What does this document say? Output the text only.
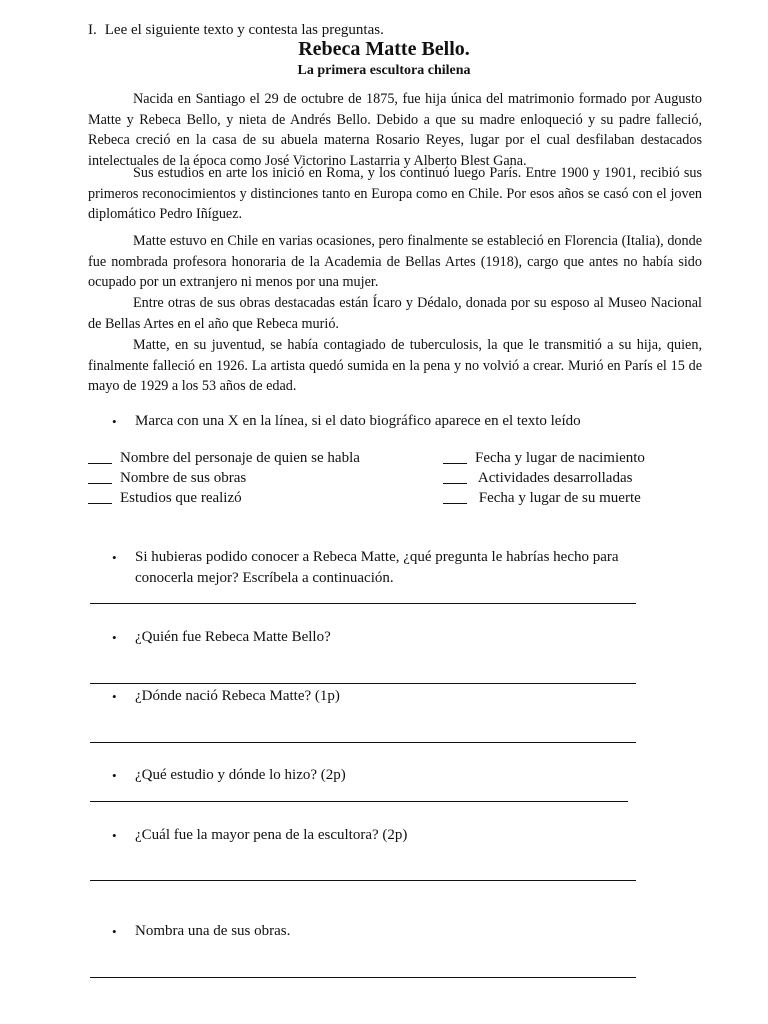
I. Lee el siguiente texto y contesta las preguntas.
Rebeca Matte Bello.
La primera escultora chilena

Nacida en Santiago el 29 de octubre de 1875, fue hija única del matrimonio formado por Augusto Matte y Rebeca Bello, y nieta de Andrés Bello. Debido a que su madre enloqueció y su padre falleció, Rebeca creció en la casa de su abuela materna Rosario Reyes, lugar por el cual desfilaban destacados intelectuales de la época como José Victorino Lastarria y Alberto Blest Gana.

Sus estudios en arte los inició en Roma, y los continuó luego París. Entre 1900 y 1901, recibió sus primeros reconocimientos y distinciones tanto en Europa como en Chile. Por esos años se casó con el joven diplomático Pedro Iñíguez.

Matte estuvo en Chile en varias ocasiones, pero finalmente se estableció en Florencia (Italia), donde fue nombrada profesora honoraria de la Academia de Bellas Artes (1918), cargo que antes no había sido ocupado por un extranjero ni menos por una mujer.

Entre otras de sus obras destacadas están Ícaro y Dédalo, donada por su esposo al Museo Nacional de Bellas Artes en el año que Rebeca murió.

Matte, en su juventud, se había contagiado de tuberculosis, la que le transmitió a su hija, quien, finalmente falleció en 1926. La artista quedó sumida en la pena y no volvió a crear. Murió en París el 15 de mayo de 1929 a los 53 años de edad.

• Marca con una X en la línea, si el dato biográfico aparece en el texto leído
Nombre del personaje de quien se habla
Nombre de sus obras
Estudios que realizó
Fecha y lugar de nacimiento
Actividades desarrolladas
Fecha y lugar de su muerte
• Si hubieras podido conocer a Rebeca Matte, ¿qué pregunta le habrías hecho para
conocerla mejor? Escríbela a continuación.
• ¿Quién fue Rebeca Matte Bello?
• ¿Dónde nació Rebeca Matte? (1p)
• ¿Qué estudio y dónde lo hizo? (2p)
• ¿Cuál fue la mayor pena de la escultora? (2p)
• Nombra una de sus obras.
